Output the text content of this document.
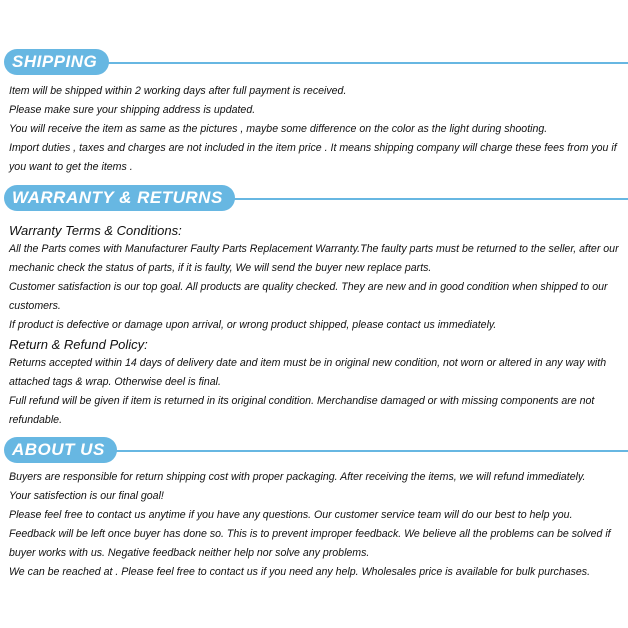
SHIPPING

Item will be shipped within 2 working days after full payment is received.

Please make sure your shipping address is updated.

You will receive the item as same as the pictures , maybe some difference on the color as the light during shooting.

Import duties , taxes and charges are not included in the item price . It means shipping company will charge these fees from you if you want to get the items .

WARRANTY & RETURNS

Warranty Terms & Conditions:

All the Parts comes with Manufacturer Faulty Parts Replacement Warranty.The faulty parts must be returned to the seller, after our mechanic check the status of parts, if it is faulty, We will send the buyer new replace parts.

Customer satisfaction is our top goal. All products are quality checked. They are new and in good condition when shipped to our customers.

If product is defective or damage upon arrival, or wrong product shipped, please contact us immediately.

Return & Refund Policy:

Returns accepted within 14 days of delivery date and item must be in original new condition, not worn or altered in any way with attached tags & wrap. Otherwise deel is final.

Full refund will be given if item is returned in its original condition. Merchandise damaged or with missing components are not refundable.

ABOUT US

Buyers are responsible for return shipping cost with proper packaging. After receiving the items, we will refund immediately.

Your satisfection is our final goal!

Please feel free to contact us anytime if you have any questions. Our customer service team will do our best to help you.

Feedback will be left once buyer has done so. This is to prevent improper feedback. We believe all the problems can be solved if buyer works with us. Negative feedback neither help nor solve any problems.

We can be reached at . Please feel free to contact us if you need any help. Wholesales price is available for bulk purchases.
